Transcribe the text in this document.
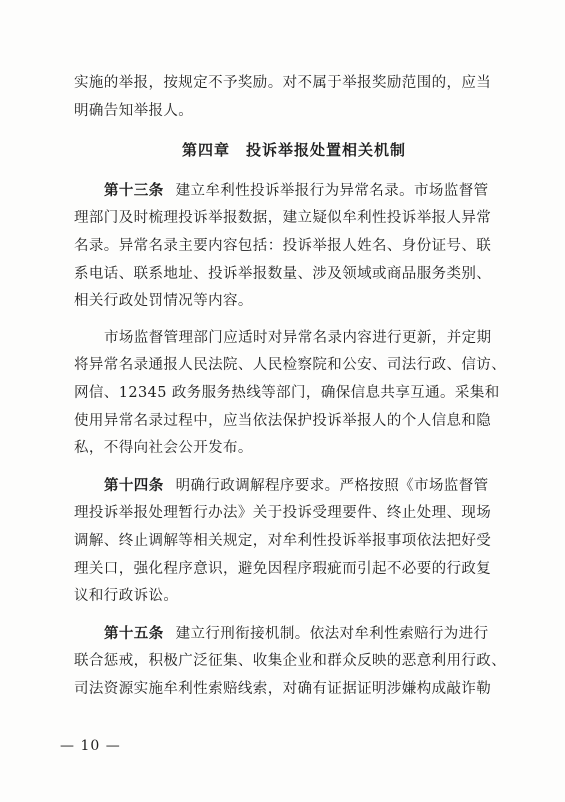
实施的举报，按规定不予奖励。对不属于举报奖励范围的，应当
明确告知举报人。
第四章　投诉举报处置相关机制
第十三条 建立牟利性投诉举报行为异常名录。市场监督管
理部门及时梳理投诉举报数据，建立疑似牟利性投诉举报人异常
名录。异常名录主要内容包括：投诉举报人姓名、身份证号、联
系电话、联系地址、投诉举报数量、涉及领域或商品服务类别、
相关行政处罚情况等内容。
市场监督管理部门应适时对异常名录内容进行更新，并定期
将异常名录通报人民法院、人民检察院和公安、司法行政、信访、
网信、12345 政务服务热线等部门，确保信息共享互通。采集和
使用异常名录过程中，应当依法保护投诉举报人的个人信息和隐
私，不得向社会公开发布。
第十四条 明确行政调解程序要求。严格按照《市场监督管
理投诉举报处理暂行办法》关于投诉受理要件、终止处理、现场
调解、终止调解等相关规定，对牟利性投诉举报事项依法把好受
理关口，强化程序意识，避免因程序瑕疵而引起不必要的行政复
议和行政诉讼。
第十五条 建立行刑衔接机制。依法对牟利性索赔行为进行
联合惩戒，积极广泛征集、收集企业和群众反映的恶意利用行政、
司法资源实施牟利性索赔线索，对确有证据证明涉嫌构成敲诈勒
— 10 —
